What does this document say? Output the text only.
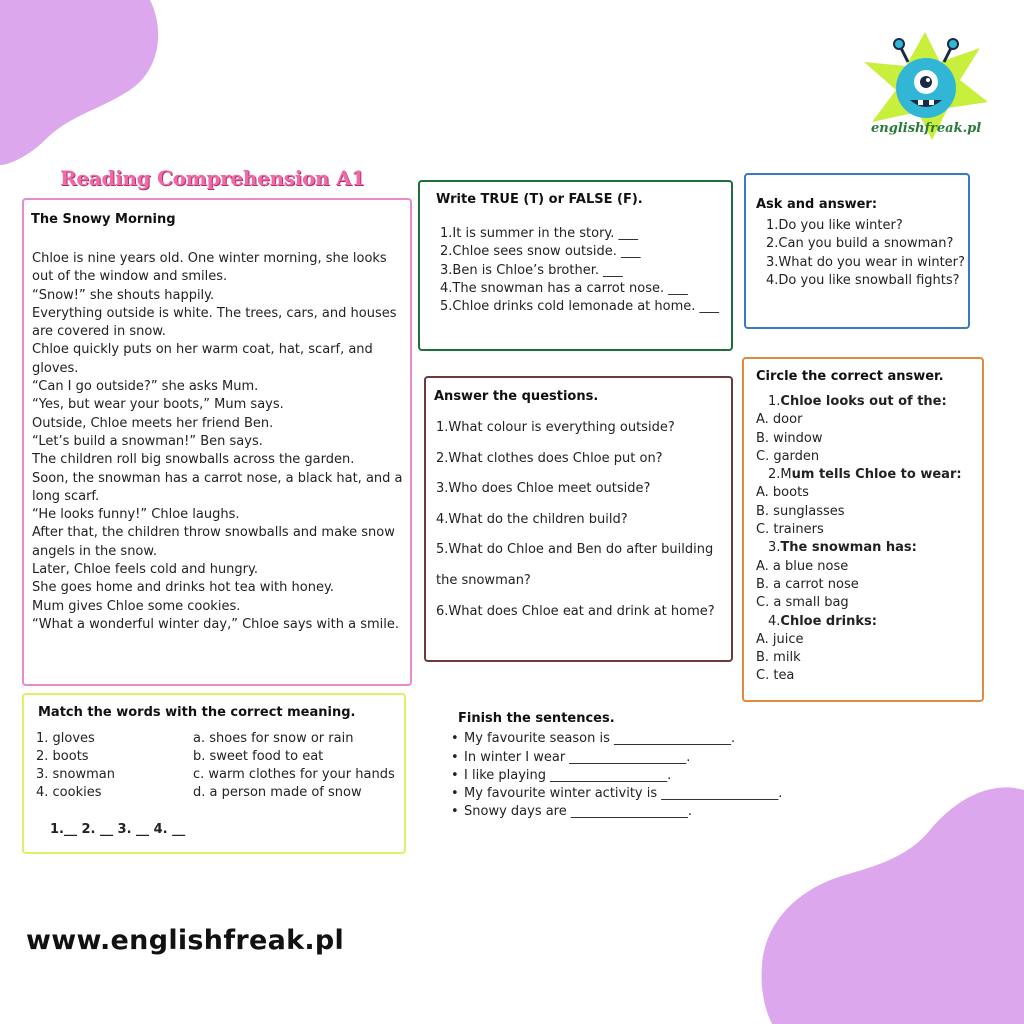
englishfreak.pl
Reading Comprehension A1
The Snowy Morning

Chloe is nine years old. One winter morning, she looks out of the window and smiles.

“Snow!” she shouts happily.

Everything outside is white. The trees, cars, and houses are covered in snow.

Chloe quickly puts on her warm coat, hat, scarf, and gloves.

“Can I go outside?” she asks Mum.

“Yes, but wear your boots,” Mum says.

Outside, Chloe meets her friend Ben.

“Let’s build a snowman!” Ben says.

The children roll big snowballs across the garden.

Soon, the snowman has a carrot nose, a black hat, and a long scarf.

“He looks funny!” Chloe laughs.

After that, the children throw snowballs and make snow angels in the snow.

Later, Chloe feels cold and hungry.

She goes home and drinks hot tea with honey.

Mum gives Chloe some cookies.

“What a wonderful winter day,” Chloe says with a smile.

Write TRUE (T) or FALSE (F).
1.It is summer in the story. ___
2.Chloe sees snow outside. ___
3.Ben is Chloe’s brother. ___
4.The snowman has a carrot nose. ___
5.Chloe drinks cold lemonade at home. ___
Ask and answer:
1.Do you like winter?
2.Can you build a snowman?
3.What do you wear in winter?
4.Do you like snowball fights?
Answer the questions.
1.What colour is everything outside?
2.What clothes does Chloe put on?
3.Who does Chloe meet outside?
4.What do the children build?
5.What do Chloe and Ben do after building the snowman?
6.What does Chloe eat and drink at home?
Circle the correct answer.
1.Chloe looks out of the:
A. door
B. window
C. garden
2.Mum tells Chloe to wear:
A. boots
B. sunglasses
C. trainers
3.The snowman has:
A. a blue nose
B. a carrot nose
C. a small bag
4.Chloe drinks:
A. juice
B. milk
C. tea
Match the words with the correct meaning.
1. gloves	a. shoes for snow or rain
2. boots	b. sweet food to eat
3. snowman	c. warm clothes for your hands
4. cookies	d. a person made of snow
1.__ 2. __ 3. __ 4. __
Finish the sentences.
• My favourite season is __________________.
• In winter I wear __________________.
• I like playing __________________.
• My favourite winter activity is __________________.
• Snowy days are __________________.
www.englishfreak.pl
